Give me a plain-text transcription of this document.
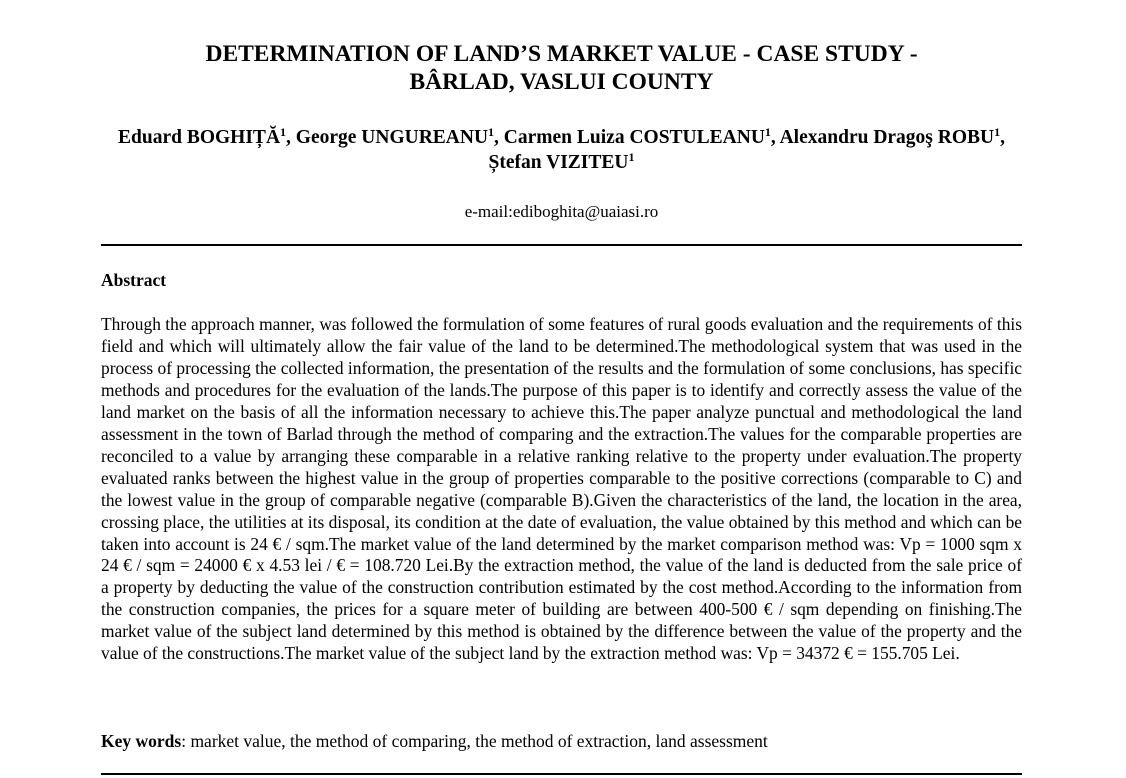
DETERMINATION OF LAND’S MARKET VALUE - CASE STUDY -
BÂRLAD, VASLUI COUNTY

Eduard BOGHIȚĂ$^1$, George UNGUREANU$^1$, Carmen Luiza COSTULEANU$^1$, Alexandru Dragoş ROBU$^1$, Ștefan VIZITEU$^1$

e-mail:ediboghita@uaiasi.ro
Abstract

Through the approach manner, was followed the formulation of some features of rural goods evaluation and the requirements of this field and which will ultimately allow the fair value of the land to be determined.The methodological system that was used in the process of processing the collected information, the presentation of the results and the formulation of some conclusions, has specific methods and procedures for the evaluation of the lands.The purpose of this paper is to identify and correctly assess the value of the land market on the basis of all the information necessary to achieve this.The paper analyze punctual and methodological the land assessment in the town of Barlad through the method of comparing and the extraction.The values for the comparable properties are reconciled to a value by arranging these comparable in a relative ranking relative to the property under evaluation.The property evaluated ranks between the highest value in the group of properties comparable to the positive corrections (comparable to C) and the lowest value in the group of comparable negative (comparable B).Given the characteristics of the land, the location in the area, crossing place, the utilities at its disposal, its condition at the date of evaluation, the value obtained by this method and which can be taken into account is 24 € / sqm.The market value of the land determined by the market comparison method was: Vp = 1000 sqm x 24 € / sqm = 24000 € x 4.53 lei / € = 108.720 Lei.By the extraction method, the value of the land is deducted from the sale price of a property by deducting the value of the construction contribution estimated by the cost method.According to the information from the construction companies, the prices for a square meter of building are between 400-500 € / sqm depending on finishing.The market value of the subject land determined by this method is obtained by the difference between the value of the property and the value of the constructions.The market value of the subject land by the extraction method was: Vp = 34372 € = 155.705 Lei.

Key words: market value, the method of comparing, the method of extraction, land assessment
